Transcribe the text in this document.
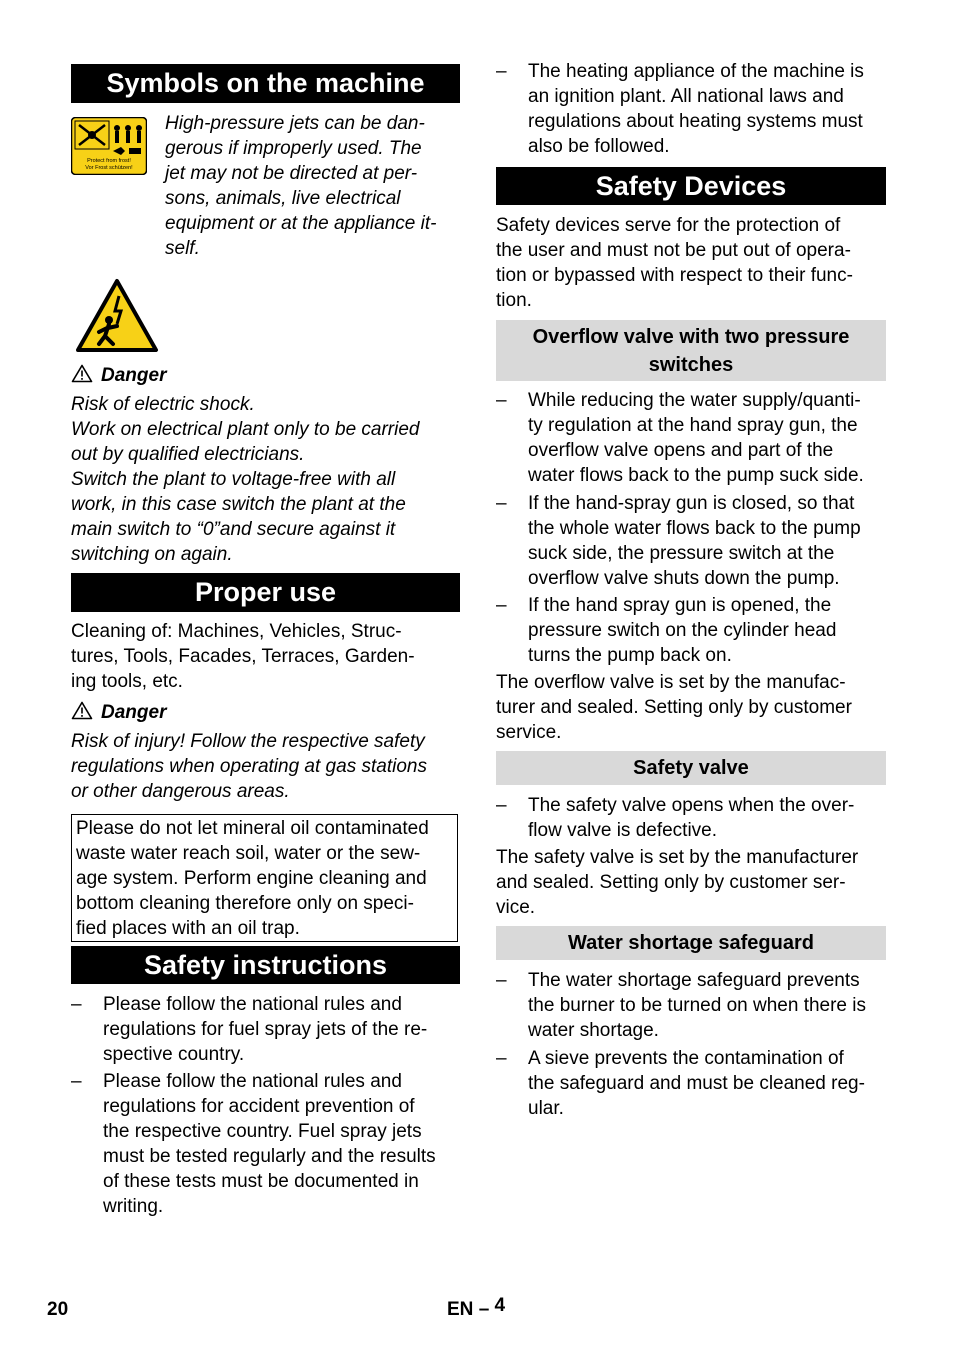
Symbols on the machine
Protect from frost!
Vor Frost schützen!
High-pressure jets can be dan-
gerous if improperly used. The
jet may not be directed at per-
sons, animals, live electrical
equipment or at the appliance it-
self.
Danger
Risk of electric shock.
Work on electrical plant only to be carried
out by qualified electricians.
Switch the plant to voltage-free with all
work, in this case switch the plant at the
main switch to “0”and secure against it
switching on again.
Proper use
Cleaning of: Machines, Vehicles, Struc-
tures, Tools, Facades, Terraces, Garden-
ing tools, etc.
Danger
Risk of injury! Follow the respective safety
regulations when operating at gas stations
or other dangerous areas.
Please do not let mineral oil contaminated
waste water reach soil, water or the sew-
age system. Perform engine cleaning and
bottom cleaning therefore only on speci-
fied places with an oil trap.
Safety instructions
–	Please follow the national rules and
regulations for fuel spray jets of the re-
spective country.
–	Please follow the national rules and
regulations for accident prevention of
the respective country. Fuel spray jets
must be tested regularly and the results
of these tests must be documented in
writing.
–	The heating appliance of the machine is
an ignition plant. All national laws and
regulations about heating systems must
also be followed.
Safety Devices
Safety devices serve for the protection of
the user and must not be put out of opera-
tion or bypassed with respect to their func-
tion.
Overflow valve with two pressure
switches
–	While reducing the water supply/quanti-
ty regulation at the hand spray gun, the
overflow valve opens and part of the
water flows back to the pump suck side.
–	If the hand-spray gun is closed, so that
the whole water flows back to the pump
suck side, the pressure switch at the
overflow valve shuts down the pump.
–	If the hand spray gun is opened, the
pressure switch on the cylinder head
turns the pump back on.
The overflow valve is set by the manufac-
turer and sealed. Setting only by customer
service.
Safety valve
–	The safety valve opens when the over-
flow valve is defective.
The safety valve is set by the manufacturer
and sealed. Setting only by customer ser-
vice.
Water shortage safeguard
–	The water shortage safeguard prevents
the burner to be turned on when there is
water shortage.
–	A sieve prevents the contamination of
the safeguard and must be cleaned reg-
ular.
20	EN – 4
